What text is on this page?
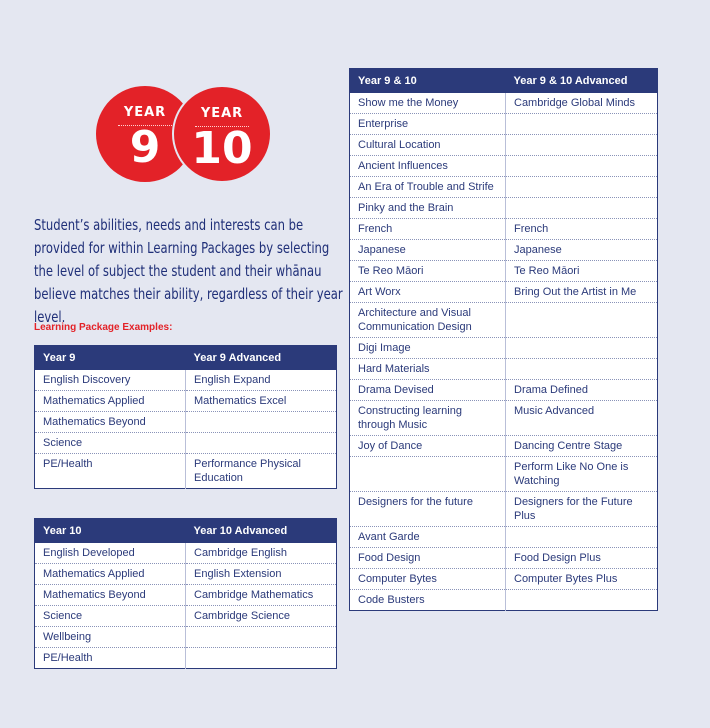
YEAR
9
YEAR
10

Student’s abilities, needs and interests can be provided for within Learning Packages by selecting the level of subject the student and their whānau believe matches their ability, regardless of their year level.

Learning Package Examples:
Year 9	Year 9 Advanced
English Discovery	English Expand
Mathematics Applied	Mathematics Excel
Mathematics Beyond	
Science	
PE/Health	Performance Physical Education
Year 10	Year 10 Advanced
English Developed	Cambridge English
Mathematics Applied	English Extension
Mathematics Beyond	Cambridge Mathematics
Science	Cambridge Science
Wellbeing	
PE/Health	
Year 9 & 10	Year 9 & 10 Advanced
Show me the Money	Cambridge Global Minds
Enterprise	
Cultural Location	
Ancient Influences	
An Era of Trouble and Strife	
Pinky and the Brain	
French	French
Japanese	Japanese
Te Reo Māori	Te Reo Māori
Art Worx	Bring Out the Artist in Me
Architecture and Visual Communication Design	
Digi Image	
Hard Materials	
Drama Devised	Drama Defined
Constructing learning through Music	Music Advanced
Joy of Dance	Dancing Centre Stage
	Perform Like No One is Watching
Designers for the future	Designers for the Future Plus
Avant Garde	
Food Design	Food Design Plus
Computer Bytes	Computer Bytes Plus
Code Busters	
